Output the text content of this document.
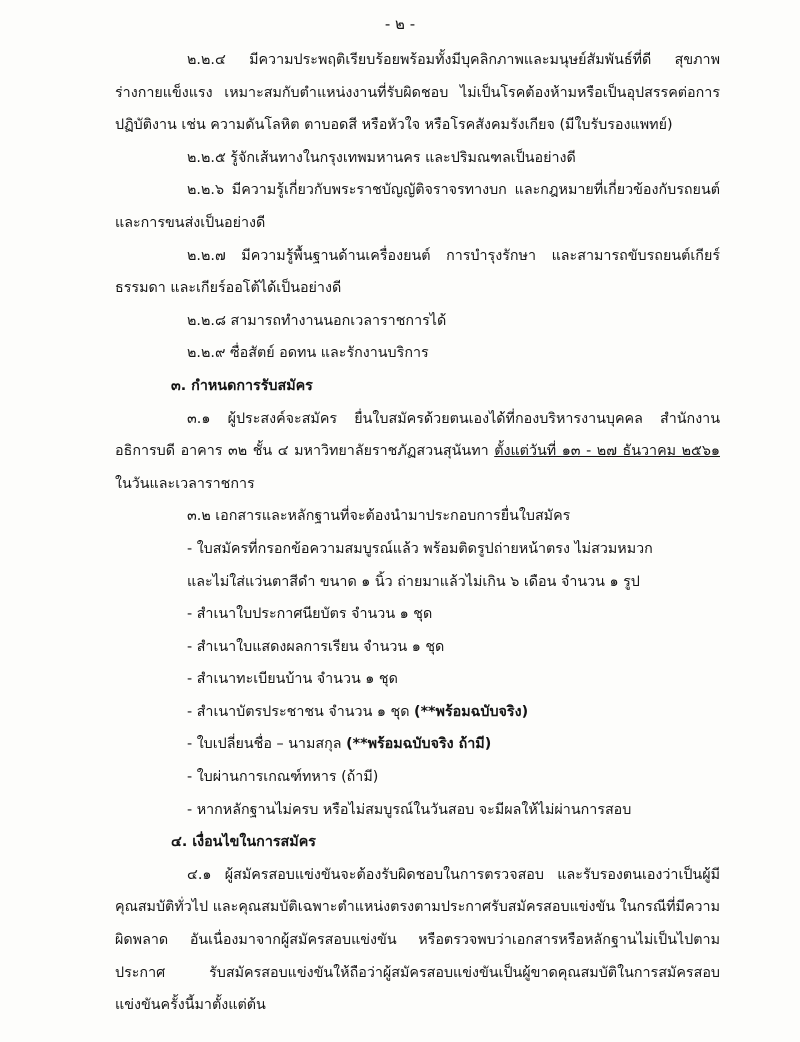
- ๒ -

๒.๒.๔ มีความประพฤติเรียบร้อยพร้อมทั้งมีบุคลิกภาพและมนุษย์สัมพันธ์ที่ดี สุขภาพร่างกายแข็งแรง เหมาะสมกับตำแหน่งงานที่รับผิดชอบ ไม่เป็นโรคต้องห้ามหรือเป็นอุปสรรคต่อการปฏิบัติงาน เช่น ความดันโลหิต ตาบอดสี หรือหัวใจ หรือโรคสังคมรังเกียจ (มีใบรับรองแพทย์)

๒.๒.๕ รู้จักเส้นทางในกรุงเทพมหานคร และปริมณฑลเป็นอย่างดี

๒.๒.๖ มีความรู้เกี่ยวกับพระราชบัญญัติจราจรทางบก และกฎหมายที่เกี่ยวข้องกับรถยนต์และการขนส่งเป็นอย่างดี

๒.๒.๗ มีความรู้พื้นฐานด้านเครื่องยนต์ การบำรุงรักษา และสามารถขับรถยนต์เกียร์ธรรมดา และเกียร์ออโต้ได้เป็นอย่างดี

๒.๒.๘ สามารถทำงานนอกเวลาราชการได้

๒.๒.๙ ซื่อสัตย์ อดทน และรักงานบริการ

๓. กำหนดการรับสมัคร

๓.๑ ผู้ประสงค์จะสมัคร ยื่นใบสมัครด้วยตนเองได้ที่กองบริหารงานบุคคล สำนักงานอธิการบดี อาคาร ๓๒ ชั้น ๔ มหาวิทยาลัยราชภัฏสวนสุนันทา ตั้งแต่วันที่ ๑๓ - ๒๗ ธันวาคม ๒๕๖๑ ในวันและเวลาราชการ

๓.๒ เอกสารและหลักฐานที่จะต้องนำมาประกอบการยื่นใบสมัคร

- ใบสมัครที่กรอกข้อความสมบูรณ์แล้ว พร้อมติดรูปถ่ายหน้าตรง ไม่สวมหมวก

และไม่ใส่แว่นตาสีดำ ขนาด ๑ นิ้ว ถ่ายมาแล้วไม่เกิน ๖ เดือน จำนวน ๑ รูป

- สำเนาใบประกาศนียบัตร จำนวน ๑ ชุด

- สำเนาใบแสดงผลการเรียน จำนวน ๑ ชุด

- สำเนาทะเบียนบ้าน จำนวน ๑ ชุด

- สำเนาบัตรประชาชน จำนวน ๑ ชุด (**พร้อมฉบับจริง)

- ใบเปลี่ยนชื่อ – นามสกุล (**พร้อมฉบับจริง ถ้ามี)

- ใบผ่านการเกณฑ์ทหาร (ถ้ามี)

- หากหลักฐานไม่ครบ หรือไม่สมบูรณ์ในวันสอบ จะมีผลให้ไม่ผ่านการสอบ

๔. เงื่อนไขในการสมัคร

๔.๑ ผู้สมัครสอบแข่งขันจะต้องรับผิดชอบในการตรวจสอบ และรับรองตนเองว่าเป็นผู้มีคุณสมบัติทั่วไป และคุณสมบัติเฉพาะตำแหน่งตรงตามประกาศรับสมัครสอบแข่งขัน ในกรณีที่มีความผิดพลาด อันเนื่องมาจากผู้สมัครสอบแข่งขัน หรือตรวจพบว่าเอกสารหรือหลักฐานไม่เป็นไปตามประกาศ รับสมัครสอบแข่งขันให้ถือว่าผู้สมัครสอบแข่งขันเป็นผู้ขาดคุณสมบัติในการสมัครสอบแข่งขันครั้งนี้มาตั้งแต่ต้น
